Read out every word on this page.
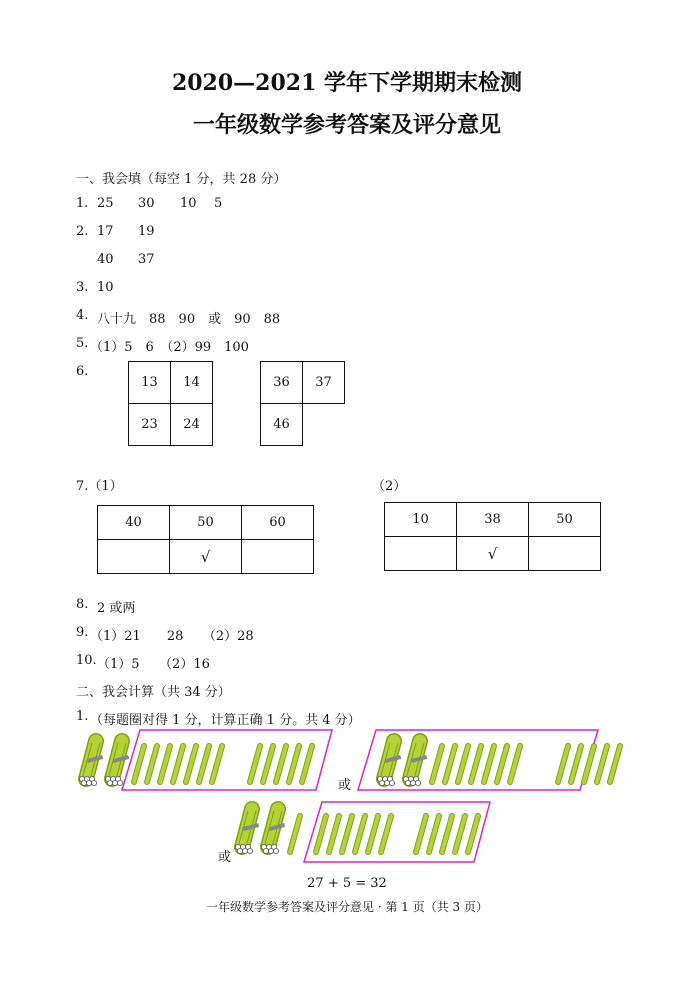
2020—2021 学年下学期期末检测
一年级数学参考答案及评分意见
一、我会填（每空 1 分，共 28 分）
1. 25 30 10 5
2. 17 19
40 37
3. 10
4. 八十九　88　90　或　90　88
5. （1）5　6　（2）99　100
6.
13	14
23	24
36	37
46	
7.（1）	（2）
40	50	60
	√	
10	38	50
	√	
8. 2 或两
9. （1）21　　28　　（2）28
10. （1）5　　（2）16
二、我会计算（共 34 分）
1. （每题圈对得 1 分，计算正确 1 分。共 4 分）
或
或
27 + 5 = 32
一年级数学参考答案及评分意见 · 第 1 页（共 3 页）
